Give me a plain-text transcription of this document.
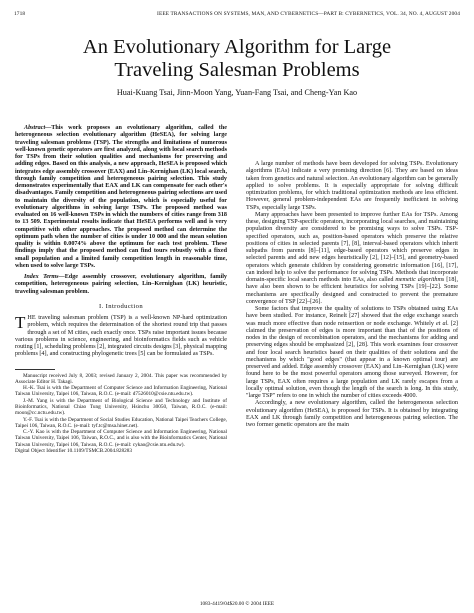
1718	IEEE TRANSACTIONS ON SYSTEMS, MAN, AND CYBERNETICS—PART B: CYBERNETICS, VOL. 34, NO. 4, AUGUST 2004
An Evolutionary Algorithm for Large
Traveling Salesman Problems
Huai-Kuang Tsai, Jinn-Moon Yang, Yuan-Fang Tsai, and Cheng-Yan Kao

Abstract—This work proposes an evolutionary algorithm, called the heterogeneous selection evolutionary algorithm (HeSEA), for solving large traveling salesman problems (TSP). The strengths and limitations of numerous well-known genetic operators are first analyzed, along with local search methods for TSPs from their solution qualities and mechanisms for preserving and adding edges. Based on this analysis, a new approach, HeSEA is proposed which integrates edge assembly crossover (EAX) and Lin–Kernighan (LK) local search, through family competition and heterogeneous pairing selection. This study demonstrates experimentally that EAX and LK can compensate for each other's disadvantages. Family competition and heterogeneous pairing selections are used to maintain the diversity of the population, which is especially useful for evolutionary algorithms in solving large TSPs. The proposed method was evaluated on 16 well-known TSPs in which the numbers of cities range from 318 to 13 509. Experimental results indicate that HeSEA performs well and is very competitive with other approaches. The proposed method can determine the optimum path when the number of cities is under 10 000 and the mean solution quality is within 0.0074% above the optimum for each test problem. These findings imply that the proposed method can find tours robustly with a fixed small population and a limited family competition length in reasonable time, when used to solve large TSPs.

Index Terms—Edge assembly crossover, evolutionary algorithm, family competition, heterogeneous pairing selection, Lin–Kernighan (LK) heuristic, traveling salesman problem.

I. Introduction

THE traveling salesman problem (TSP) is a well-known NP-hard optimization problem, which requires the determination of the shortest round trip that passes through a set of M cities, each exactly once. TSPs raise important issues because various problems in science, engineering, and bioinformatics fields such as vehicle routing [1], scheduling problems [2], integrated circuits designs [3], physical mapping problems [4], and constructing phylogenetic trees [5] can be formulated as TSPs.

Manuscript received July 8, 2003; revised January 2, 2004. This paper was recommended by Associate Editor H. Takagi.

H.-K. Tsai is with the Department of Computer Science and Information Engineering, National Taiwan University, Taipei 106, Taiwan, R.O.C. (e-mail: d7526010@csie.ntu.edu.tw).

J.-M. Yang is with the Department of Biological Science and Technology and Institute of Bioinformatics, National Chiao Tung University, Hsinchu 30050, Taiwan, R.O.C. (e-mail: moon@cc.nctu.edu.tw).

Y.-F. Tsai is with the Department of Social Studies Education, National Taipei Teachers College, Taipei 106, Taiwan, R.O.C. (e-mail: tyf.tc@msa.hinet.net).

C.-Y. Kao is with the Department of Computer Science and Information Engineering, National Taiwan University, Taipei 106, Taiwan, R.O.C., and is also with the Bioinformatics Center, National Taiwan University, Taipei 106, Taiwan, R.O.C. (e-mail: cykao@csie.ntu.edu.tw).

Digital Object Identifier 10.1109/TSMCB.2004.828283

A large number of methods have been developed for solving TSPs. Evolutionary algorithms (EAs) indicate a very promising direction [6]. They are based on ideas taken from genetics and natural selection. An evolutionary algorithm can be generally applied to solve problems. It is especially appropriate for solving difficult optimization problems, for which traditional optimization methods are less efficient. However, general problem-independent EAs are frequently inefficient in solving TSPs, especially large TSPs.

Many approaches have been presented to improve further EAs for TSPs. Among these, designing TSP-specific operators, incorporating local searches, and maintaining population diversity are considered to be promising ways to solve TSPs. TSP-specified operators, such as, position-based operators which preserve the relative positions of cities in selected parents [7], [8], interval-based operators which inherit subpaths from parents [8]–[11], edge-based operators which preserve edges in selected parents and add new edges heuristically [2], [12]–[15], and geometry-based operators which generate children by considering geometric information [16], [17], can indeed help to solve the performance for solving TSPs. Methods that incorporate domain-specific local search methods into EAs, also called memetic algorithms [18], have also been shown to be efficient heuristics for solving TSPs [19]–[22]. Some mechanisms are specifically designed and constructed to prevent the premature convergence of TSP [22]–[26].

Some factors that improve the quality of solutions to TSPs obtained using EAs have been studied. For instance, Reinelt [27] showed that the edge exchange search was much more effective than node reinsertion or node exchange. Whitely et al. [2] claimed the preservation of edges is more important than that of the positions of nodes in the design of recombination operators, and the mechanisms for adding and preserving edges should be emphasized [2], [28]. This work examines four crossover and four local search heuristics based on their qualities of their solutions and the mechanisms by which "good edges" (that appear in a known optimal tour) are preserved and added. Edge assembly crossover (EAX) and Lin–Kernighan (LK) were found here to be the most powerful operators among those surveyed. However, for large TSPs, EAX often requires a large population and LK rarely escapes from a locally optimal solution, even though the length of the search is long. In this study, "large TSP" refers to one in which the number of cities exceeds 4000.

Accordingly, a new evolutionary algorithm, called the heterogeneous selection evolutionary algorithm (HeSEA), is proposed for TSPs. It is obtained by integrating EAX and LK through family competition and heterogeneous pairing selection. The two former genetic operators are the main

1083-4419/04$20.00 © 2004 IEEE
